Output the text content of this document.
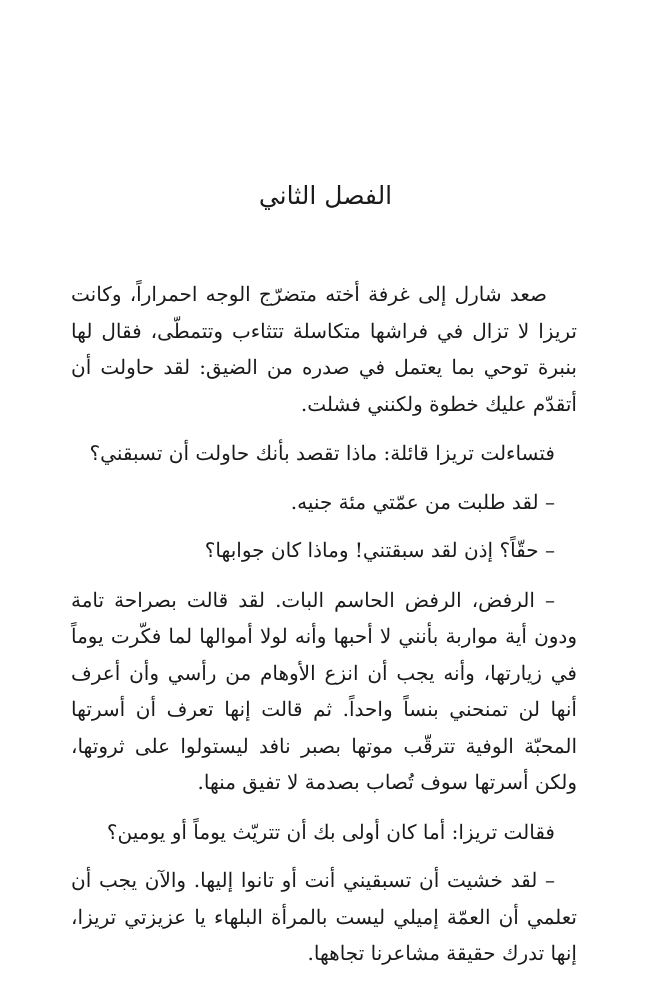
الفصل الثاني

صعد شارل إلى غرفة أخته متضرّج الوجه احمراراً، وكانت تريزا لا تزال في فراشها متكاسلة تتثاءب وتتمطّى، فقال لها بنبرة توحي بما يعتمل في صدره من الضيق: لقد حاولت أن أتقدّم عليك خطوة ولكنني فشلت.

فتساءلت تريزا قائلة: ماذا تقصد بأنك حاولت أن تسبقني؟

– لقد طلبت من عمّتي مئة جنيه.

– حقّاً؟ إذن لقد سبقتني! وماذا كان جوابها؟

– الرفض، الرفض الحاسم البات. لقد قالت بصراحة تامة ودون أية مواربة بأنني لا أحبها وأنه لولا أموالها لما فكّرت يوماً في زيارتها، وأنه يجب أن انزع الأوهام من رأسي وأن أعرف أنها لن تمنحني بنساً واحداً. ثم قالت إنها تعرف أن أسرتها المحبّة الوفية تترقّب موتها بصبر نافد ليستولوا على ثروتها، ولكن أسرتها سوف تُصاب بصدمة لا تفيق منها.

فقالت تريزا: أما كان أولى بك أن تتريّث يوماً أو يومين؟

– لقد خشيت أن تسبقيني أنت أو تانوا إليها. والآن يجب أن تعلمي أن العمّة إميلي ليست بالمرأة البلهاء يا عزيزتي تريزا، إنها تدرك حقيقة مشاعرنا تجاهها.
